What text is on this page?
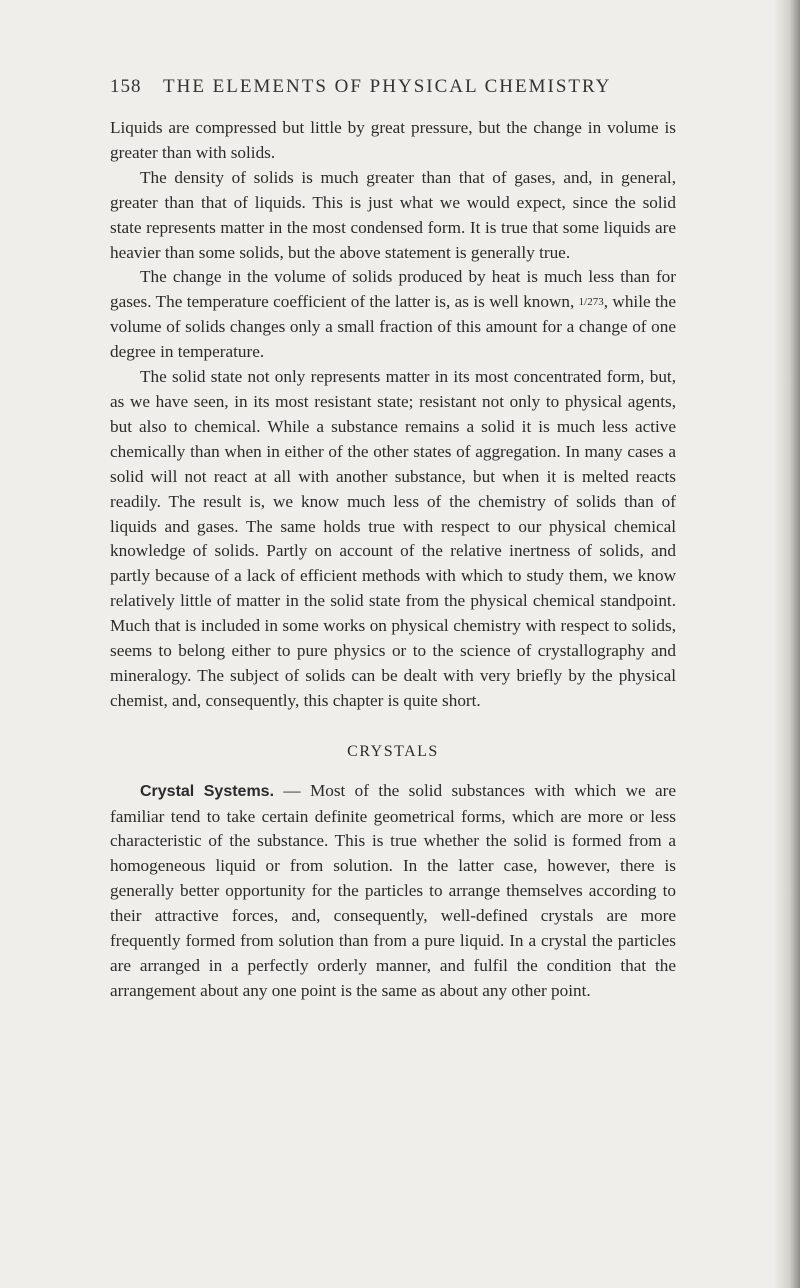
158 THE ELEMENTS OF PHYSICAL CHEMISTRY

Liquids are compressed but little by great pressure, but the change in volume is greater than with solids.

The density of solids is much greater than that of gases, and, in general, greater than that of liquids. This is just what we would expect, since the solid state represents matter in the most condensed form. It is true that some liquids are heavier than some solids, but the above statement is generally true.

The change in the volume of solids produced by heat is much less than for gases. The temperature coefficient of the latter is, as is well known, 1/273, while the volume of solids changes only a small fraction of this amount for a change of one degree in temperature.

The solid state not only represents matter in its most concentrated form, but, as we have seen, in its most resistant state; resistant not only to physical agents, but also to chemical. While a substance remains a solid it is much less active chemically than when in either of the other states of aggregation. In many cases a solid will not react at all with another substance, but when it is melted reacts readily. The result is, we know much less of the chemistry of solids than of liquids and gases. The same holds true with respect to our physical chemical knowledge of solids. Partly on account of the relative inertness of solids, and partly because of a lack of efficient methods with which to study them, we know relatively little of matter in the solid state from the physical chemical standpoint. Much that is included in some works on physical chemistry with respect to solids, seems to belong either to pure physics or to the science of crystallography and mineralogy. The subject of solids can be dealt with very briefly by the physical chemist, and, consequently, this chapter is quite short.

CRYSTALS

Crystal Systems. — Most of the solid substances with which we are familiar tend to take certain definite geometrical forms, which are more or less characteristic of the substance. This is true whether the solid is formed from a homogeneous liquid or from solution. In the latter case, however, there is generally better opportunity for the particles to arrange themselves according to their attractive forces, and, consequently, well-defined crystals are more frequently formed from solution than from a pure liquid. In a crystal the particles are arranged in a perfectly orderly manner, and fulfil the condition that the arrangement about any one point is the same as about any other point.
